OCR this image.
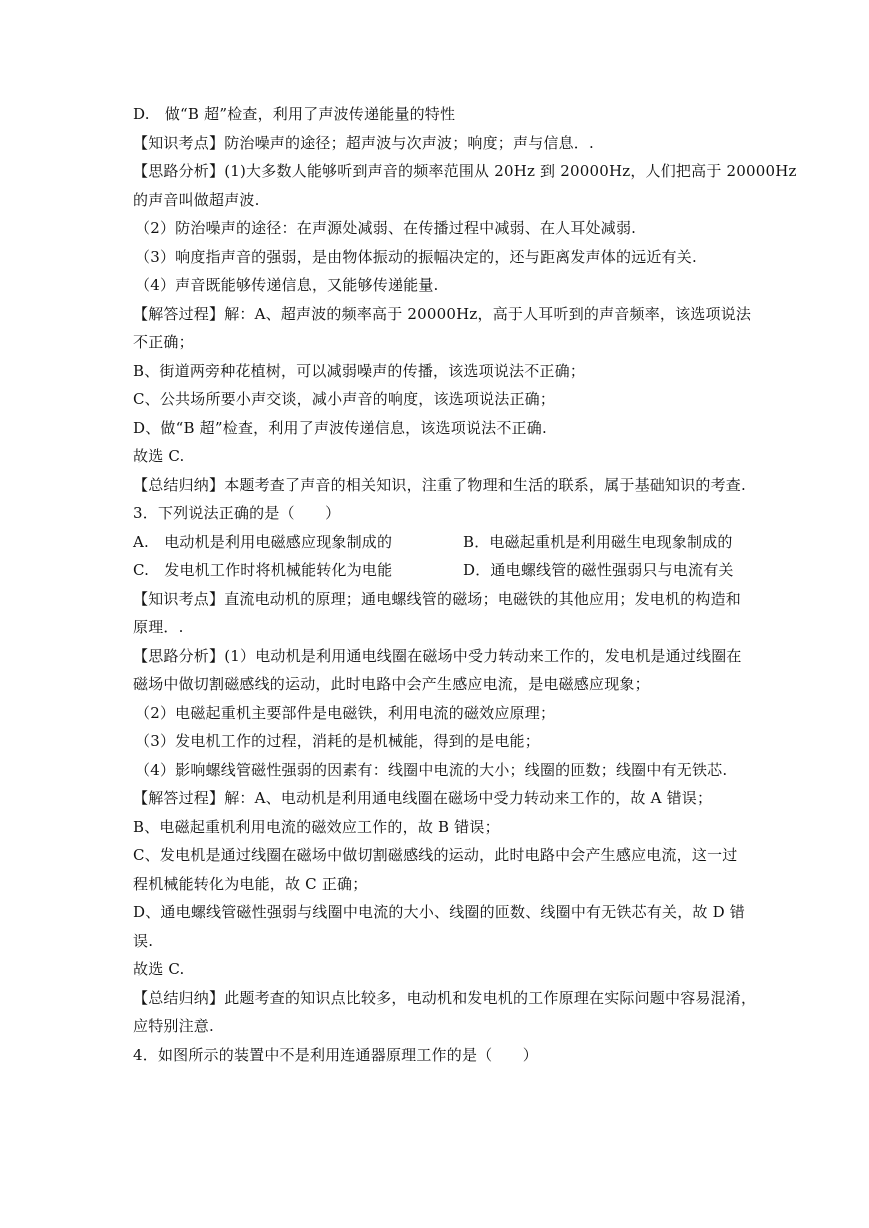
D.　做“B 超”检查，利用了声波传递能量的特性
【知识考点】防治噪声的途径；超声波与次声波；响度；声与信息．.
【思路分析】(1)大多数人能够听到声音的频率范围从 20Hz 到 20000Hz，人们把高于 20000Hz
的声音叫做超声波.
（2）防治噪声的途径：在声源处减弱、在传播过程中减弱、在人耳处减弱.
（3）响度指声音的强弱，是由物体振动的振幅决定的，还与距离发声体的远近有关.
（4）声音既能够传递信息，又能够传递能量.
【解答过程】解：A、超声波的频率高于 20000Hz，高于人耳听到的声音频率，该选项说法
不正确；
B、街道两旁种花植树，可以减弱噪声的传播，该选项说法不正确；
C、公共场所要小声交谈，减小声音的响度，该选项说法正确；
D、做“B 超”检查，利用了声波传递信息，该选项说法不正确.
故选 C.
【总结归纳】本题考查了声音的相关知识，注重了物理和生活的联系，属于基础知识的考查.
3．下列说法正确的是（　　）
A.　电动机是利用电磁感应现象制成的	B．电磁起重机是利用磁生电现象制成的
C.　发电机工作时将机械能转化为电能	D．通电螺线管的磁性强弱只与电流有关
【知识考点】直流电动机的原理；通电螺线管的磁场；电磁铁的其他应用；发电机的构造和
原理．.
【思路分析】(1）电动机是利用通电线圈在磁场中受力转动来工作的，发电机是通过线圈在
磁场中做切割磁感线的运动，此时电路中会产生感应电流，是电磁感应现象；
（2）电磁起重机主要部件是电磁铁，利用电流的磁效应原理；
（3）发电机工作的过程，消耗的是机械能，得到的是电能；
（4）影响螺线管磁性强弱的因素有：线圈中电流的大小；线圈的匝数；线圈中有无铁芯.
【解答过程】解：A、电动机是利用通电线圈在磁场中受力转动来工作的，故 A 错误；
B、电磁起重机利用电流的磁效应工作的，故 B 错误；
C、发电机是通过线圈在磁场中做切割磁感线的运动，此时电路中会产生感应电流，这一过
程机械能转化为电能，故 C 正确；
D、通电螺线管磁性强弱与线圈中电流的大小、线圈的匝数、线圈中有无铁芯有关，故 D 错
误.
故选 C.
【总结归纳】此题考查的知识点比较多，电动机和发电机的工作原理在实际问题中容易混淆，
应特别注意.
4．如图所示的装置中不是利用连通器原理工作的是（　　）
